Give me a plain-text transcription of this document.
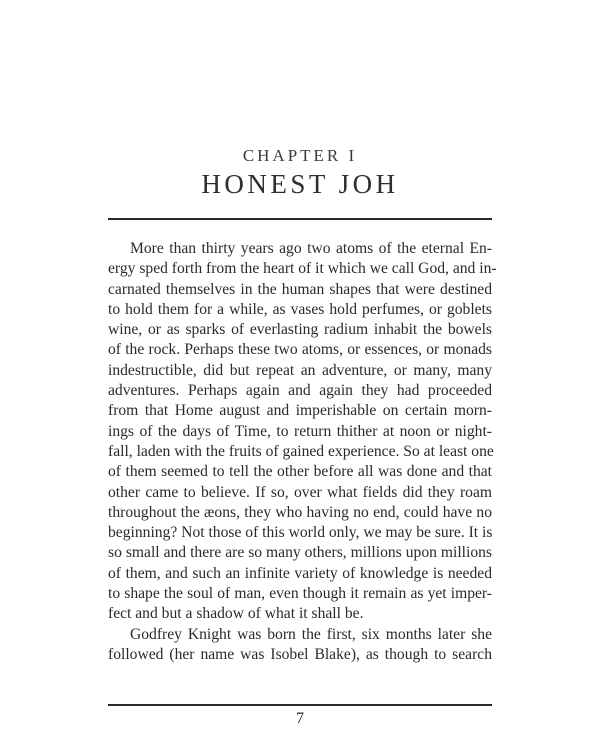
CHAPTER I
HONEST JOH
More than thirty years ago two atoms of the eternal En-
ergy sped forth from the heart of it which we call God, and in-
carnated themselves in the human shapes that were destined
to hold them for a while, as vases hold perfumes, or goblets
wine, or as sparks of everlasting radium inhabit the bowels
of the rock. Perhaps these two atoms, or essences, or monads
indestructible, did but repeat an adventure, or many, many
adventures. Perhaps again and again they had proceeded
from that Home august and imperishable on certain morn-
ings of the days of Time, to return thither at noon or night-
fall, laden with the fruits of gained experience. So at least one
of them seemed to tell the other before all was done and that
other came to believe. If so, over what fields did they roam
throughout the æons, they who having no end, could have no
beginning? Not those of this world only, we may be sure. It is
so small and there are so many others, millions upon millions
of them, and such an infinite variety of knowledge is needed
to shape the soul of man, even though it remain as yet imper-
fect and but a shadow of what it shall be.
Godfrey Knight was born the first, six months later she
followed (her name was Isobel Blake), as though to search
7
